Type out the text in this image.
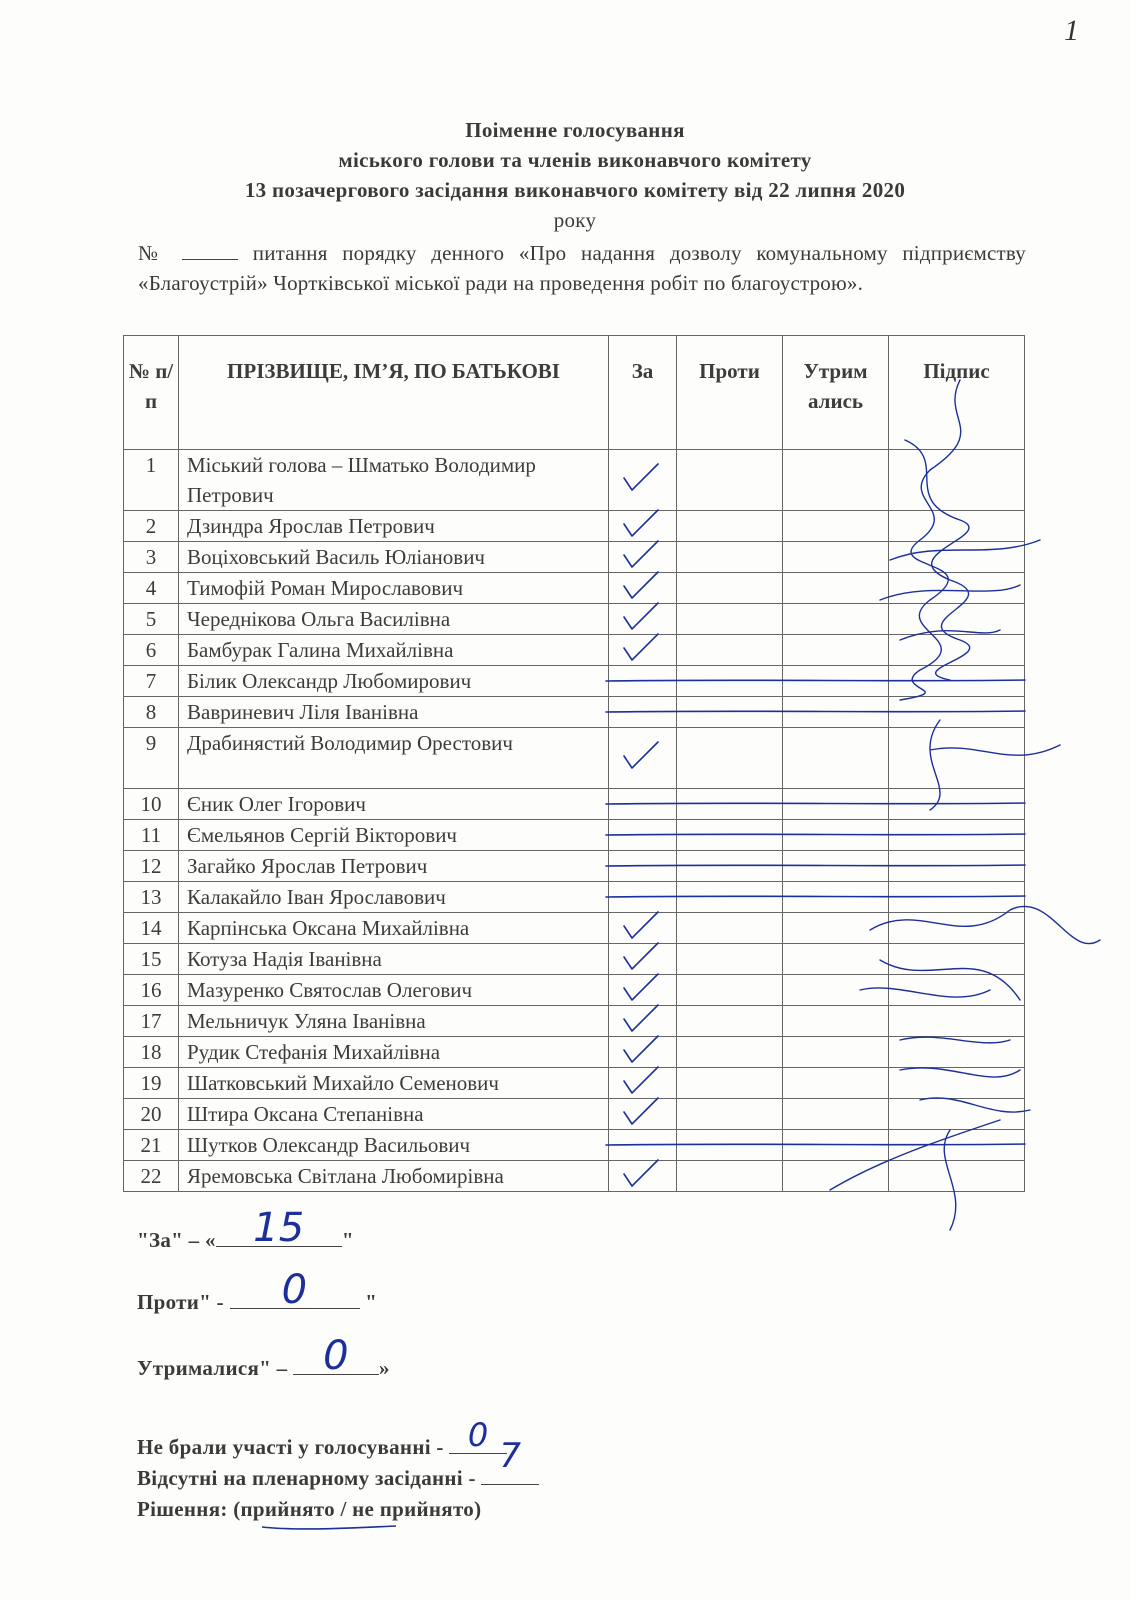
1
Поіменне голосування
міського голови та членів виконавчого комітету
13 позачергового засідання виконавчого комітету від 22 липня 2020
року
№	питання порядку денного «Про надання дозволу комунальному підприємству «Благоустрій» Чортківської міської ради на проведення робіт по благоустрою».
№ п/п	ПРІЗВИЩЕ, ІМ’Я, ПО БАТЬКОВІ	За	Проти	Утрим ались	Підпис
1	Міський голова – Шматько Володимир Петрович				
2	Дзиндра Ярослав Петрович				
3	Воціховський Василь Юліанович				
4	Тимофій Роман Мирославович				
5	Череднікова Ольга Василівна				
6	Бамбурак Галина Михайлівна				
7	Білик Олександр Любомирович				
8	Вавриневич Ліля Іванівна				
9	Драбинястий Володимир Орестович				
10	Єник Олег Ігорович				
11	Ємельянов Сергій Вікторович				
12	Загайко Ярослав Петрович				
13	Калакайло Іван Ярославович				
14	Карпінська Оксана Михайлівна				
15	Котуза Надія Іванівна				
16	Мазуренко Святослав Олегович				
17	Мельничук Уляна Іванівна				
18	Рудик Стефанія Михайлівна				
19	Шатковський Михайло Семенович				
20	Штира Оксана Степанівна				
21	Шутков Олександр Васильович				
22	Яремовська Світлана Любомирівна				
"За" – « 15	"
Проти" -	0	"
Утрималися" – 0	»
Не брали участі у голосуванні - 0
Відсутні на пленарному засіданні -
7
Рішення: (прийнято / не прийнято)
